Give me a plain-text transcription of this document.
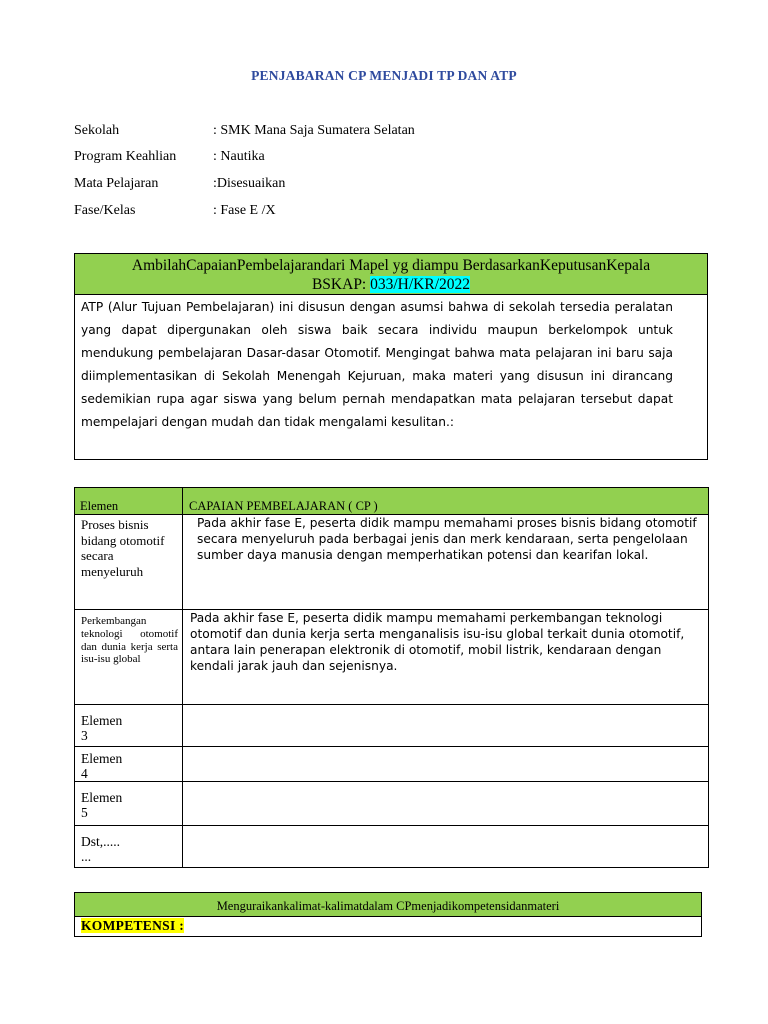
PENJABARAN CP MENJADI TP DAN ATP
Sekolah	: SMK Mana Saja Sumatera Selatan
Program Keahlian	: Nautika
Mata Pelajaran	:Disesuaikan
Fase/Kelas	: Fase E /X
AmbilahCapaianPembelajarandari Mapel yg diampu BerdasarkanKeputusanKepala
BSKAP: 033/H/KR/2022
ATP (Alur Tujuan Pembelajaran) ini disusun dengan asumsi bahwa di sekolah tersedia peralatan yang dapat dipergunakan oleh siswa baik secara individu maupun berkelompok untuk mendukung pembelajaran Dasar-dasar Otomotif. Mengingat bahwa mata pelajaran ini baru saja diimplementasikan di Sekolah Menengah Kejuruan, maka materi yang disusun ini dirancang sedemikian rupa agar siswa yang belum pernah mendapatkan mata pelajaran tersebut dapat mempelajari dengan mudah dan tidak mengalami kesulitan.:
Elemen	CAPAIAN PEMBELAJARAN ( CP )
Proses bisnis bidang otomotif secara menyeluruh	Pada akhir fase E, peserta didik mampu memahami proses bisnis bidang otomotif secara menyeluruh pada berbagai jenis dan merk kendaraan, serta pengelolaan sumber daya manusia dengan memperhatikan potensi dan kearifan lokal.
Perkembangan teknologi otomotif dan dunia kerja serta isu-isu global	Pada akhir fase E, peserta didik mampu memahami perkembangan teknologi otomotif dan dunia kerja serta menganalisis isu-isu global terkait dunia otomotif, antara lain penerapan elektronik di otomotif, mobil listrik, kendaraan dengan kendali jarak jauh dan sejenisnya.

Elemen
3	

Elemen
4	

Elemen
5	

Dst,.....
...	

Menguraikankalimat-kalimatdalam CPmenjadikompetensidanmateri
KOMPETENSI :
